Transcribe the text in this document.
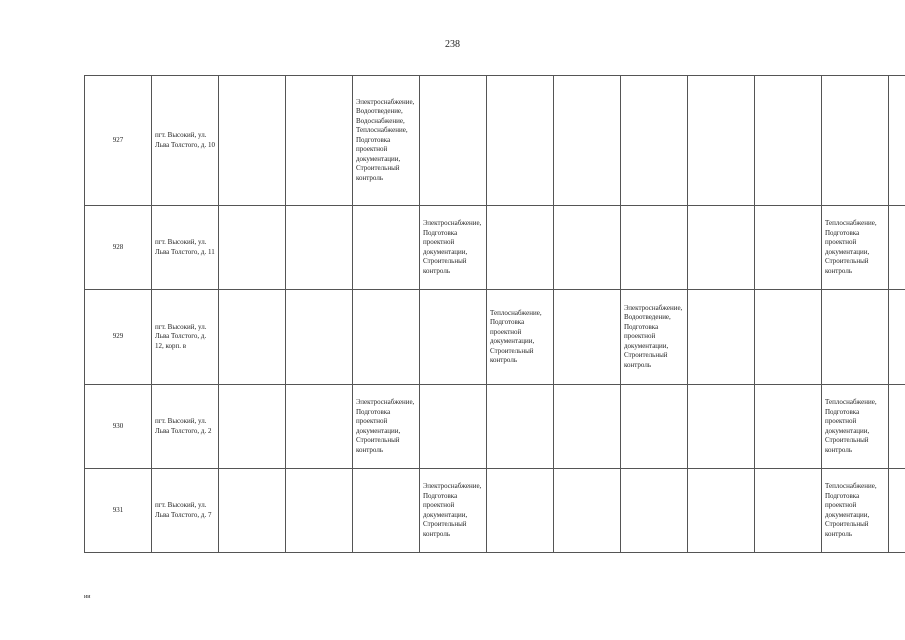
238
927	пгт. Высокий, ул. Льва Толстого, д. 10			Электроснабжение, Водоотведение, Водоснабжение, Теплоснабжение, Подготовка проектной документации, Строительный контроль								
928	пгт. Высокий, ул. Льва Толстого, д. 11				Электроснабжение, Подготовка проектной документации, Строительный контроль						Теплоснабжение, Подготовка проектной документации, Строительный контроль	
929	пгт. Высокий, ул. Льва Толстого, д. 12, корп. в					Теплоснабжение, Подготовка проектной документации, Строительный контроль		Электроснабжение, Водоотведение, Подготовка проектной документации, Строительный контроль				
930	пгт. Высокий, ул. Льва Толстого, д. 2			Электроснабжение, Подготовка проектной документации, Строительный контроль							Теплоснабжение, Подготовка проектной документации, Строительный контроль	
931	пгт. Высокий, ул. Льва Толстого, д. 7				Электроснабжение, Подготовка проектной документации, Строительный контроль						Теплоснабжение, Подготовка проектной документации, Строительный контроль	
ии
